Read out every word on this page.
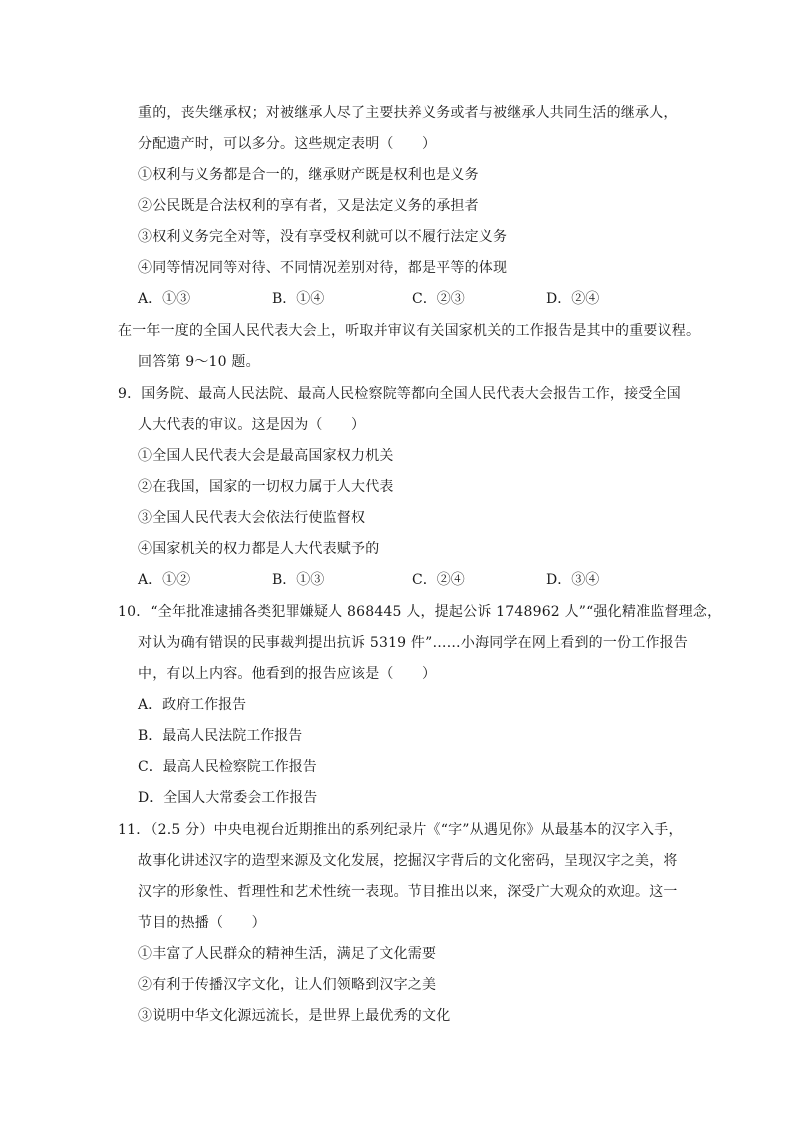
重的，丧失继承权；对被继承人尽了主要扶养义务或者与被继承人共同生活的继承人，
分配遗产时，可以多分。这些规定表明（　　）
①权利与义务都是合一的，继承财产既是权利也是义务
②公民既是合法权利的享有者，又是法定义务的承担者
③权利义务完全对等，没有享受权利就可以不履行法定义务
④同等情况同等对待、不同情况差别对待，都是平等的体现
A．①③	B．①④	C．②③	D．②④
在一年一度的全国人民代表大会上，听取并审议有关国家机关的工作报告是其中的重要议程。
回答第 9～10 题。
9．国务院、最高人民法院、最高人民检察院等都向全国人民代表大会报告工作，接受全国
人大代表的审议。这是因为（　　）
①全国人民代表大会是最高国家权力机关
②在我国，国家的一切权力属于人大代表
③全国人民代表大会依法行使监督权
④国家机关的权力都是人大代表赋予的
A．①②	B．①③	C．②④	D．③④
10．“全年批准逮捕各类犯罪嫌疑人 868445 人，提起公诉 1748962 人”“强化精准监督理念，
对认为确有错误的民事裁判提出抗诉 5319 件”……小海同学在网上看到的一份工作报告
中，有以上内容。他看到的报告应该是（　　）
A．政府工作报告
B．最高人民法院工作报告
C．最高人民检察院工作报告
D．全国人大常委会工作报告
11．（2.5 分）中央电视台近期推出的系列纪录片《“字”从遇见你》从最基本的汉字入手，
故事化讲述汉字的造型来源及文化发展，挖掘汉字背后的文化密码，呈现汉字之美，将
汉字的形象性、哲理性和艺术性统一表现。节目推出以来，深受广大观众的欢迎。这一
节目的热播（　　）
①丰富了人民群众的精神生活，满足了文化需要
②有利于传播汉字文化，让人们领略到汉字之美
③说明中华文化源远流长，是世界上最优秀的文化
